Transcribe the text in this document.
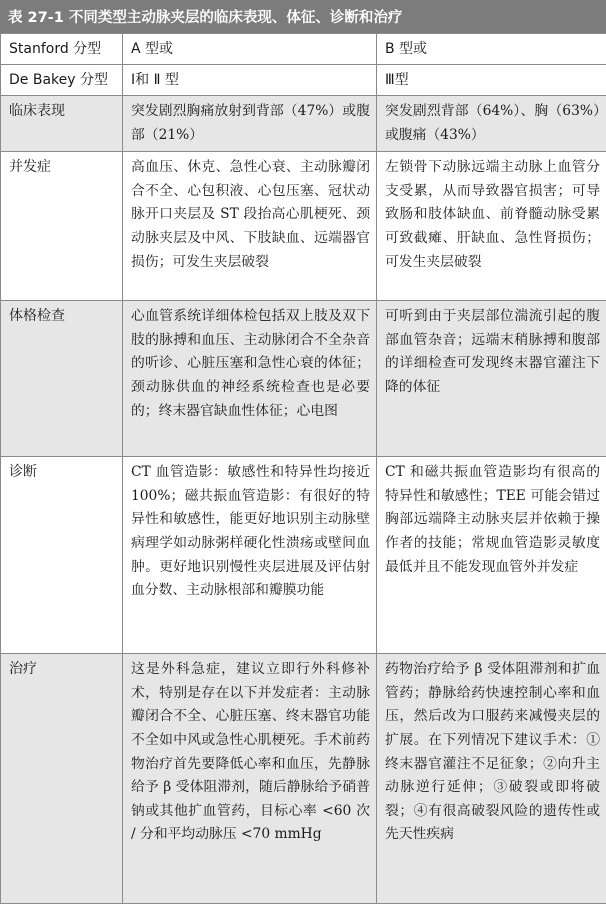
表 27-1 不同类型主动脉夹层的临床表现、体征、诊断和治疗
Stanford 分型	A 型或	B 型或
De Bakey 分型	Ⅰ和 Ⅱ 型	Ⅲ型
临床表现	突发剧烈胸痛放射到背部（47%）或腹部（21%）	突发剧烈背部（64%）、胸（63%）或腹痛（43%）
并发症	高血压、休克、急性心衰、主动脉瓣闭合不全、心包积液、心包压塞、冠状动脉开口夹层及 ST 段抬高心肌梗死、颈动脉夹层及中风、下肢缺血、远端器官损伤；可发生夹层破裂	左锁骨下动脉远端主动脉上血管分支受累，从而导致器官损害；可导致肠和肢体缺血、前脊髓动脉受累可致截瘫、肝缺血、急性肾损伤；可发生夹层破裂
体格检查	心血管系统详细体检包括双上肢及双下肢的脉搏和血压、主动脉闭合不全杂音的听诊、心脏压塞和急性心衰的体征；颈动脉供血的神经系统检查也是必要的；终末器官缺血性体征；心电图	可听到由于夹层部位湍流引起的腹部血管杂音；远端末稍脉搏和腹部的详细检查可发现终末器官灌注下降的体征
诊断	CT 血管造影：敏感性和特异性均接近 100%；磁共振血管造影：有很好的特异性和敏感性，能更好地识别主动脉壁病理学如动脉粥样硬化性溃疡或壁间血肿。更好地识别慢性夹层进展及评估射血分数、主动脉根部和瓣膜功能	CT 和磁共振血管造影均有很高的特异性和敏感性；TEE 可能会错过胸部远端降主动脉夹层并依赖于操作者的技能；常规血管造影灵敏度最低并且不能发现血管外并发症
治疗	这是外科急症，建议立即行外科修补术，特别是存在以下并发症者：主动脉瓣闭合不全、心脏压塞、终末器官功能不全如中风或急性心肌梗死。手术前药物治疗首先要降低心率和血压，先静脉给予 β 受体阻滞剂，随后静脉给予硝普钠或其他扩血管药，目标心率 <60 次 / 分和平均动脉压 <70 mmHg	药物治疗给予 β 受体阻滞剂和扩血管药；静脉给药快速控制心率和血压，然后改为口服药来减慢夹层的扩展。在下列情况下建议手术：①终末器官灌注不足征象；②向升主动脉逆行延伸；③破裂或即将破裂；④有很高破裂风险的遗传性或先天性疾病
